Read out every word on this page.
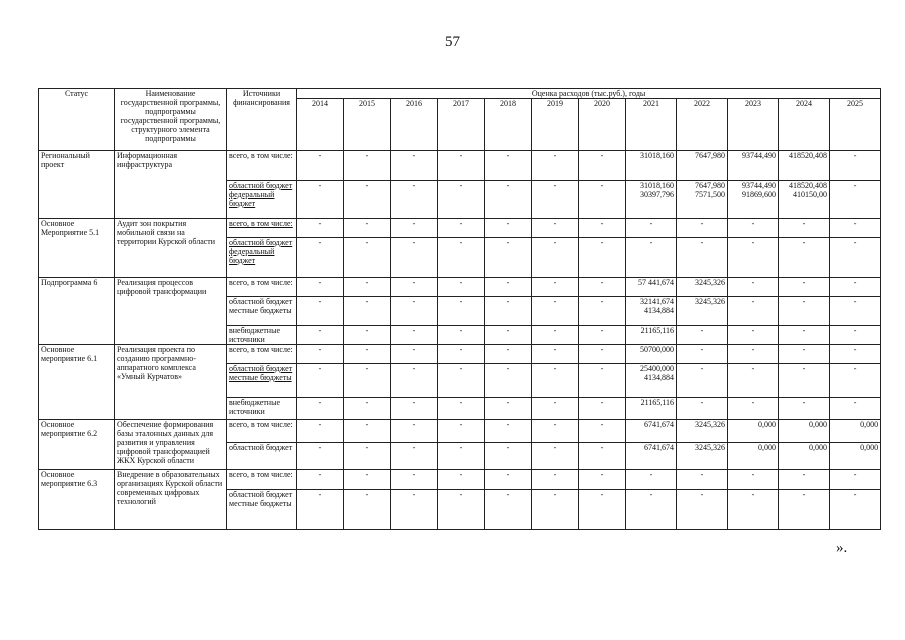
57
Статус	Наименование государственной программы, подпрограммы государственной программы, структурного элемента подпрограммы	Источники финансирования	Оценка расходов (тыс.руб.), годы											
			2014	2015	2016	2017	2018	2019	2020	2021	2022	2023	2024	2025
Региональный проект	Информационная инфраструктура	всего, в том числе:	-	-	-	-	-	-	-	31018,160	7647,980	93744,490	418520,408	-
		областной бюджет федеральный бюджет	-	-	-	-	-	-	-	31018,160 30397,796	7647,980 7571,500	93744,490 91869,600	418520,408 410150,00	-
Основное Мероприятие 5.1	Аудит зон покрытия мобильной связи на территории Курской области	всего, в том числе:	-	-	-	-	-	-	-	-	-	-	-	-
		областной бюджет федеральный бюджет	-	-	-	-	-	-	-	-	-	-	-	-
Подпрограмма 6	Реализация процессов цифровой трансформации	всего, в том числе:	-	-	-	-	-	-	-	57 441,674	3245,326	-	-	-
		областной бюджет местные бюджеты	-	-	-	-	-	-	-	32141,674 4134,884	3245,326	-	-	-
		внебюджетные источники	-	-	-	-	-	-	-	21165,116	-	-	-	-
Основное мероприятие 6.1	Реализация проекта по созданию программно-аппаратного комплекса «Умный Курчатов»	всего, в том числе:	-	-	-	-	-	-	-	50700,000	-	-	-	-
		областной бюджет местные бюджеты	-	-	-	-	-	-	-	25400,000 4134,884	-	-	-	-
		внебюджетные источники	-	-	-	-	-	-	-	21165,116	-	-	-	-
Основное мероприятие 6.2	Обеспечение формирования базы эталонных данных для развития и управления цифровой трансформацией ЖКХ Курской области	всего, в том числе:	-	-	-	-	-	-	-	6741,674	3245,326	0,000	0,000	0,000
		областной бюджет	-	-	-	-	-	-	-	6741,674	3245,326	0,000	0,000	0,000
Основное мероприятие 6.3	Внедрение в образовательных организациях Курской области современных цифровых технологий	всего, в том числе:	-	-	-	-	-	-	-	-	-	-	-	-
		областной бюджет местные бюджеты	-	-	-	-	-	-	-	-	-	-	-	-
».
